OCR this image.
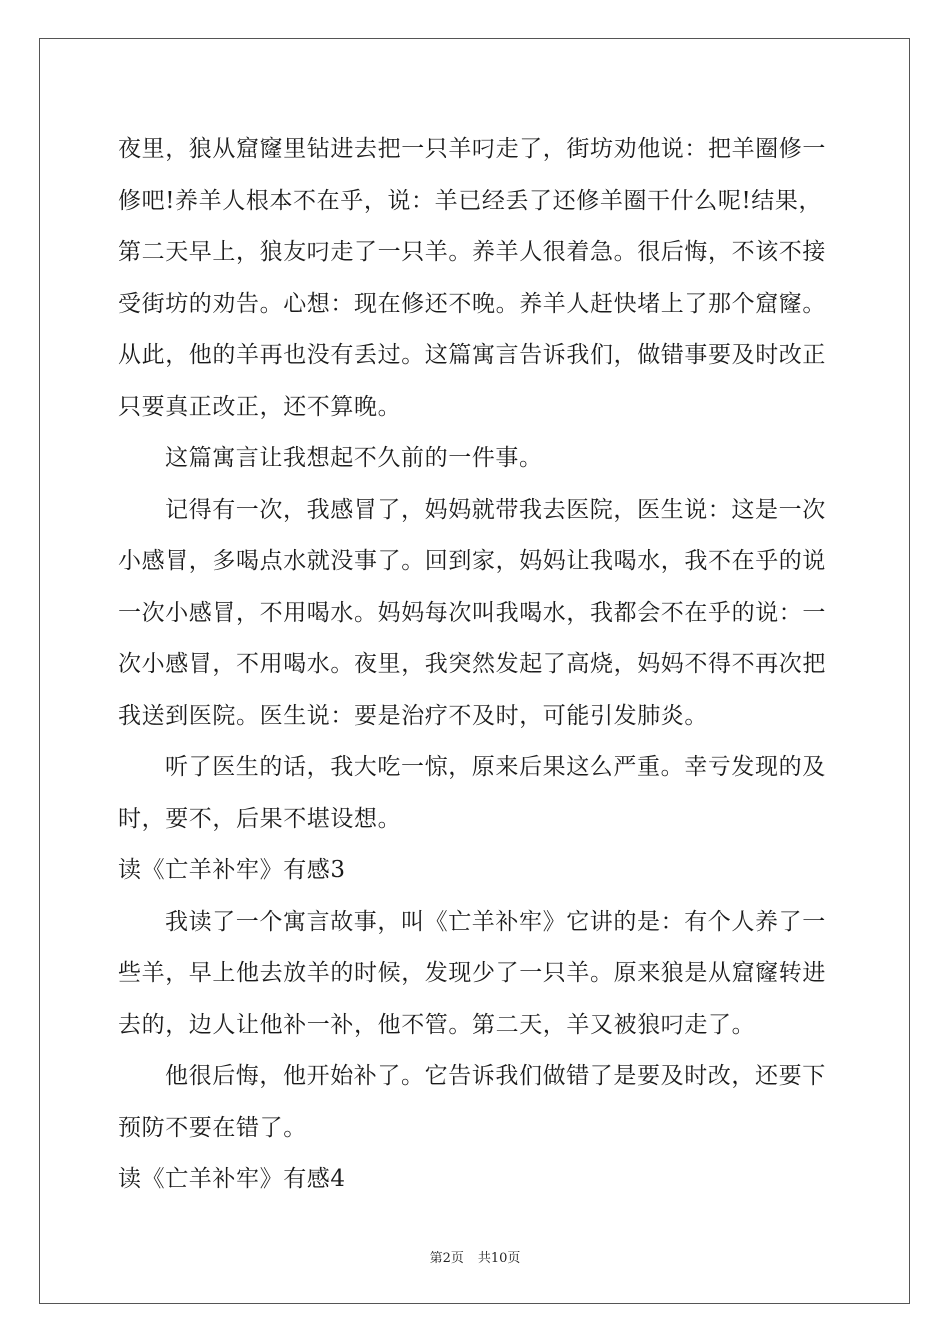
夜里，狼从窟窿里钻进去把一只羊叼走了，街坊劝他说：把羊圈修一
修吧!养羊人根本不在乎，说：羊已经丢了还修羊圈干什么呢!结果，
第二天早上，狼友叼走了一只羊。养羊人很着急。很后悔，不该不接
受街坊的劝告。心想：现在修还不晚。养羊人赶快堵上了那个窟窿。
从此，他的羊再也没有丢过。这篇寓言告诉我们，做错事要及时改正
只要真正改正，还不算晚。
这篇寓言让我想起不久前的一件事。
记得有一次，我感冒了，妈妈就带我去医院，医生说：这是一次
小感冒，多喝点水就没事了。回到家，妈妈让我喝水，我不在乎的说
一次小感冒，不用喝水。妈妈每次叫我喝水，我都会不在乎的说：一
次小感冒，不用喝水。夜里，我突然发起了高烧，妈妈不得不再次把
我送到医院。医生说：要是治疗不及时，可能引发肺炎。
听了医生的话，我大吃一惊，原来后果这么严重。幸亏发现的及
时，要不，后果不堪设想。
读《亡羊补牢》有感3
我读了一个寓言故事，叫《亡羊补牢》它讲的是：有个人养了一
些羊，早上他去放羊的时候，发现少了一只羊。原来狼是从窟窿转进
去的，边人让他补一补，他不管。第二天，羊又被狼叼走了。
他很后悔，他开始补了。它告诉我们做错了是要及时改，还要下
预防不要在错了。
读《亡羊补牢》有感4
第2页 共10页
